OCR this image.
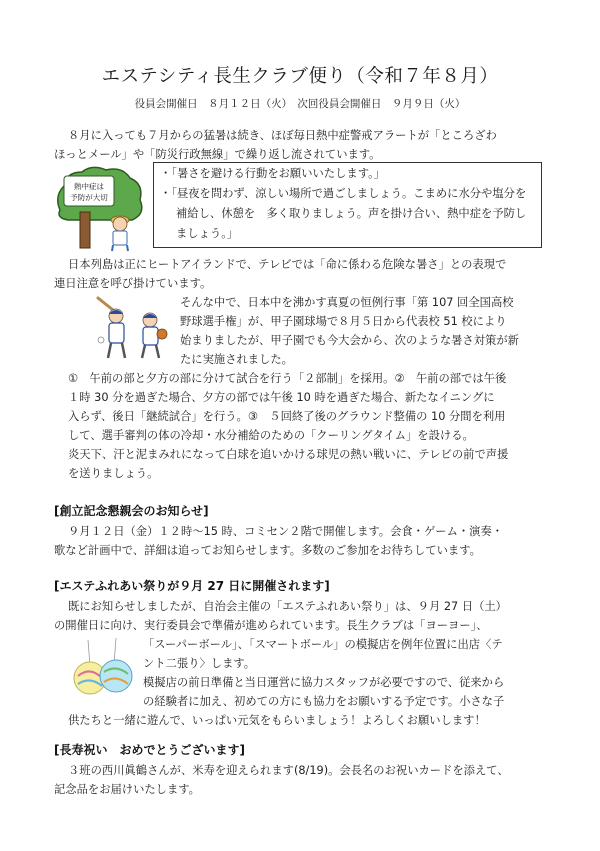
エステシティ長生クラブ便り（令和７年８月）
役員会開催日　８月１２日（火）　次回役員会開催日　９月９日（火）
８月に入っても７月からの猛暑は続き、ほぼ毎日熱中症警戒アラートが「ところざわ
ほっとメール」や「防災行政無線」で繰り返し流されています。
熱中症は
予防が大切
・「暑さを避ける行動をお願いいたします。」
・「昼夜を問わず、涼しい場所で過ごしましょう。こまめに水分や塩分を
補給し、休憩を　多く取りましょう。声を掛け合い、熱中症を予防し
ましょう。」
日本列島は正にヒートアイランドで、テレビでは「命に係わる危険な暑さ」との表現で
連日注意を呼び掛けています。
そんな中で、日本中を沸かす真夏の恒例行事「第 107 回全国高校
野球選手権」が、甲子園球場で８月５日から代表校 51 校により
始まりましたが、甲子園でも今大会から、次のような暑さ対策が新
たに実施されました。
①　午前の部と夕方の部に分けて試合を行う「２部制」を採用。②　午前の部では午後
１時 30 分を過ぎた場合、夕方の部では午後 10 時を過ぎた場合、新たなイニングに
入らず、後日「継続試合」を行う。③　５回終了後のグラウンド整備の 10 分間を利用
して、選手審判の体の冷却・水分補給のための「クーリングタイム」を設ける。
炎天下、汗と泥まみれになって白球を追いかける球児の熱い戦いに、テレビの前で声援
を送りましょう。
[創立記念懇親会のお知らせ]
９月１２日（金）１２時～15 時、コミセン２階で開催します。会食・ゲーム・演奏・
歌など計画中で、詳細は追ってお知らせします。多数のご参加をお待ちしています。
[エステふれあい祭りが９月 27 日に開催されます]
既にお知らせしましたが、自治会主催の「エステふれあい祭り」は、９月 27 日（土）
の開催日に向け、実行委員会で準備が進められています。長生クラブは「ヨーヨー」、
「スーパーボール」、「スマートボール」の模擬店を例年位置に出店〈テ
ント二張り〉します。
模擬店の前日準備と当日運営に協力スタッフが必要ですので、従来から
の経験者に加え、初めての方にも協力をお願いする予定です。小さな子
供たちと一緒に遊んで、いっぱい元気をもらいましょう！よろしくお願いします！
[長寿祝い　おめでとうございます]
３班の西川眞鶴さんが、米寿を迎えられます(8/19)。会長名のお祝いカードを添えて、
記念品をお届けいたします。
